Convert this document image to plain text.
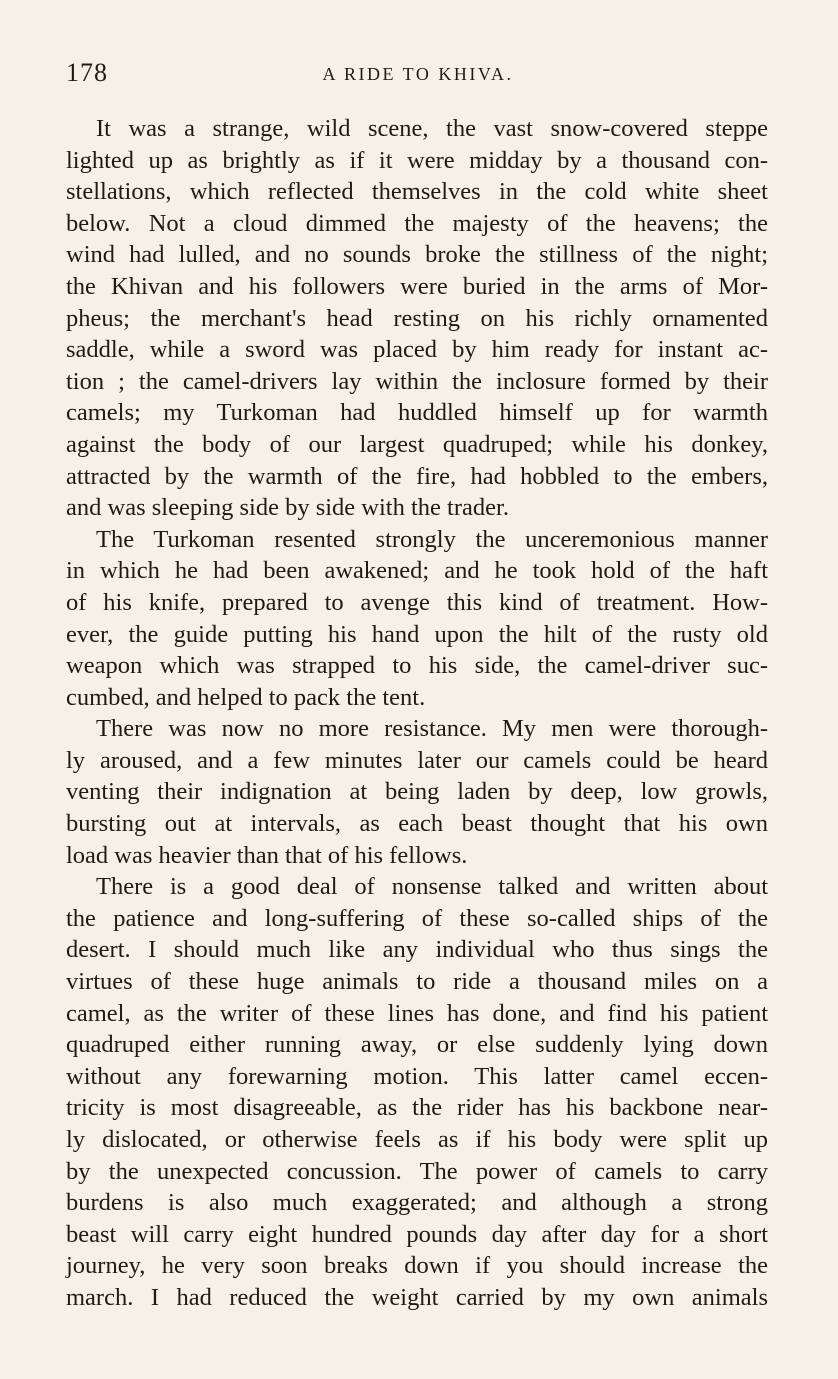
178	A RIDE TO KHIVA.
It was a strange, wild scene, the vast snow-covered steppe
lighted up as brightly as if it were midday by a thousand con-
stellations, which reflected themselves in the cold white sheet
below. Not a cloud dimmed the majesty of the heavens; the
wind had lulled, and no sounds broke the stillness of the night;
the Khivan and his followers were buried in the arms of Mor-
pheus; the merchant's head resting on his richly ornamented
saddle, while a sword was placed by him ready for instant ac-
tion ; the camel-drivers lay within the inclosure formed by their
camels; my Turkoman had huddled himself up for warmth
against the body of our largest quadruped; while his donkey,
attracted by the warmth of the fire, had hobbled to the embers,
and was sleeping side by side with the trader.
The Turkoman resented strongly the unceremonious manner
in which he had been awakened; and he took hold of the haft
of his knife, prepared to avenge this kind of treatment. How-
ever, the guide putting his hand upon the hilt of the rusty old
weapon which was strapped to his side, the camel-driver suc-
cumbed, and helped to pack the tent.
There was now no more resistance. My men were thorough-
ly aroused, and a few minutes later our camels could be heard
venting their indignation at being laden by deep, low growls,
bursting out at intervals, as each beast thought that his own
load was heavier than that of his fellows.
There is a good deal of nonsense talked and written about
the patience and long-suffering of these so-called ships of the
desert. I should much like any individual who thus sings the
virtues of these huge animals to ride a thousand miles on a
camel, as the writer of these lines has done, and find his patient
quadruped either running away, or else suddenly lying down
without any forewarning motion. This latter camel eccen-
tricity is most disagreeable, as the rider has his backbone near-
ly dislocated, or otherwise feels as if his body were split up
by the unexpected concussion. The power of camels to carry
burdens is also much exaggerated; and although a strong
beast will carry eight hundred pounds day after day for a short
journey, he very soon breaks down if you should increase the
march. I had reduced the weight carried by my own animals
